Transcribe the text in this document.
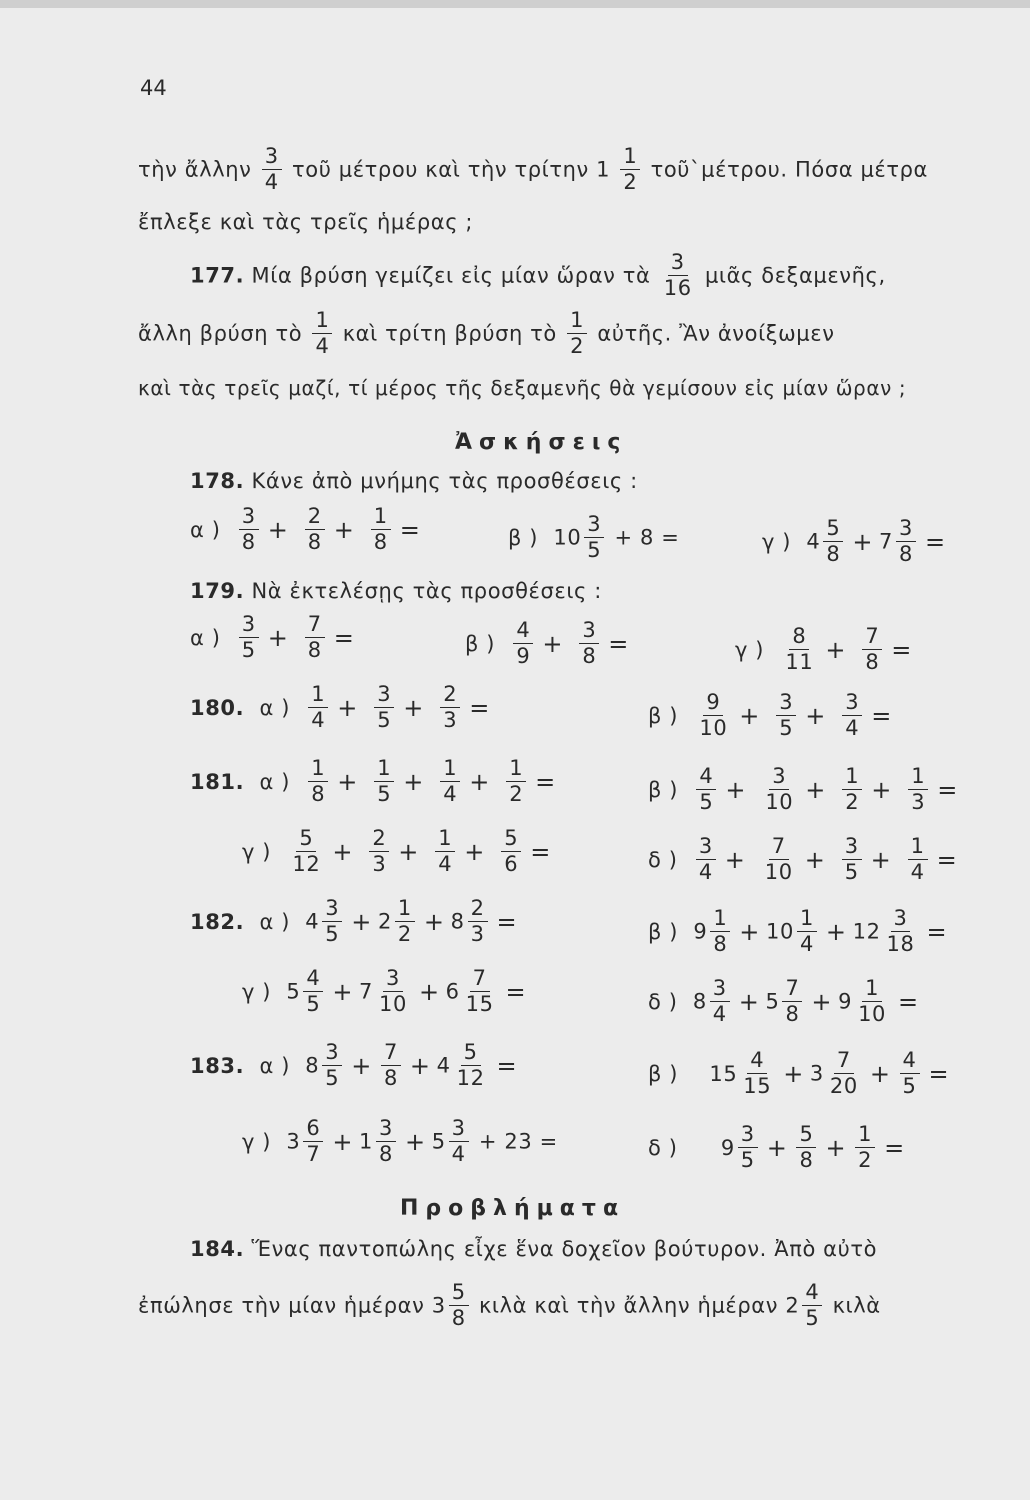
44
τὴν ἄλλην $\frac{3}{4}$ τοῦ μέτρου καὶ τὴν τρίτην $1 \frac{1}{2}$ τοῦ`μέτρου. Πόσα μέτρα
ἔπλεξε καὶ τὰς τρεῖς ἡμέρας ;
177. Μία βρύση γεμίζει εἰς μίαν ὥραν τὰ $\frac{3}{16}$ μιᾶς δεξαμενῆς,
ἄλλη βρύση τὸ $\frac{1}{4}$ καὶ τρίτη βρύση τὸ $\frac{1}{2}$ αὐτῆς. Ἂν ἀνοίξωμεν
καὶ τὰς τρεῖς μαζί, τί μέρος τῆς δεξαμενῆς θὰ γεμίσουν εἰς μίαν ὥραν ;
Ἀσκήσεις
178. Κάνε ἀπὸ μνήμης τὰς προσθέσεις :
α ) $\frac{3}{8} + \frac{2}{8} + \frac{1}{8}$ =	β ) $10 \frac{3}{5} + 8$ =	γ ) $4 \frac{5}{8} + 7 \frac{3}{8}$ =
179. Νὰ ἐκτελέσῃς τὰς προσθέσεις :
α ) $\frac{3}{5} + \frac{7}{8}$ =	β ) $\frac{4}{9} + \frac{3}{8}$ =	γ ) $\frac{8}{11} + \frac{7}{8}$ =
180. α ) $\frac{1}{4} + \frac{3}{5} + \frac{2}{3}$ =	β ) $\frac{9}{10} + \frac{3}{5} + \frac{3}{4}$ =
181. α ) $\frac{1}{8} + \frac{1}{5} + \frac{1}{4} + \frac{1}{2}$ =	β ) $\frac{4}{5} + \frac{3}{10} + \frac{1}{2} + \frac{1}{3}$ =
γ ) $\frac{5}{12} + \frac{2}{3} + \frac{1}{4} + \frac{5}{6}$ =	δ ) $\frac{3}{4} + \frac{7}{10} + \frac{3}{5} + \frac{1}{4}$ =
182. α ) $4 \frac{3}{5} + 2 \frac{1}{2} + 8 \frac{2}{3}$ =	β ) $9 \frac{1}{8} + 10 \frac{1}{4} + 12 \frac{3}{18}$ =
γ ) $5 \frac{4}{5} + 7 \frac{3}{10} + 6 \frac{7}{15}$ =	δ ) $8 \frac{3}{4} + 5 \frac{7}{8} + 9 \frac{1}{10}$ =
183. α ) $8 \frac{3}{5} + \frac{7}{8} + 4 \frac{5}{12}$ =	β ) $15 \frac{4}{15} + 3 \frac{7}{20} + \frac{4}{5}$ =
γ ) $3 \frac{6}{7} + 1 \frac{3}{8} + 5 \frac{3}{4} + 23$ =	δ ) $9 \frac{3}{5} + \frac{5}{8} + \frac{1}{2}$ =
Προβλήματα
184. Ἕνας παντοπώλης εἶχε ἕνα δοχεῖον βούτυρον. Ἀπὸ αὐτὸ
ἐπώλησε τὴν μίαν ἡμέραν $3 \frac{5}{8}$ κιλὰ καὶ τὴν ἄλλην ἡμέραν $2 \frac{4}{5}$ κιλὰ
